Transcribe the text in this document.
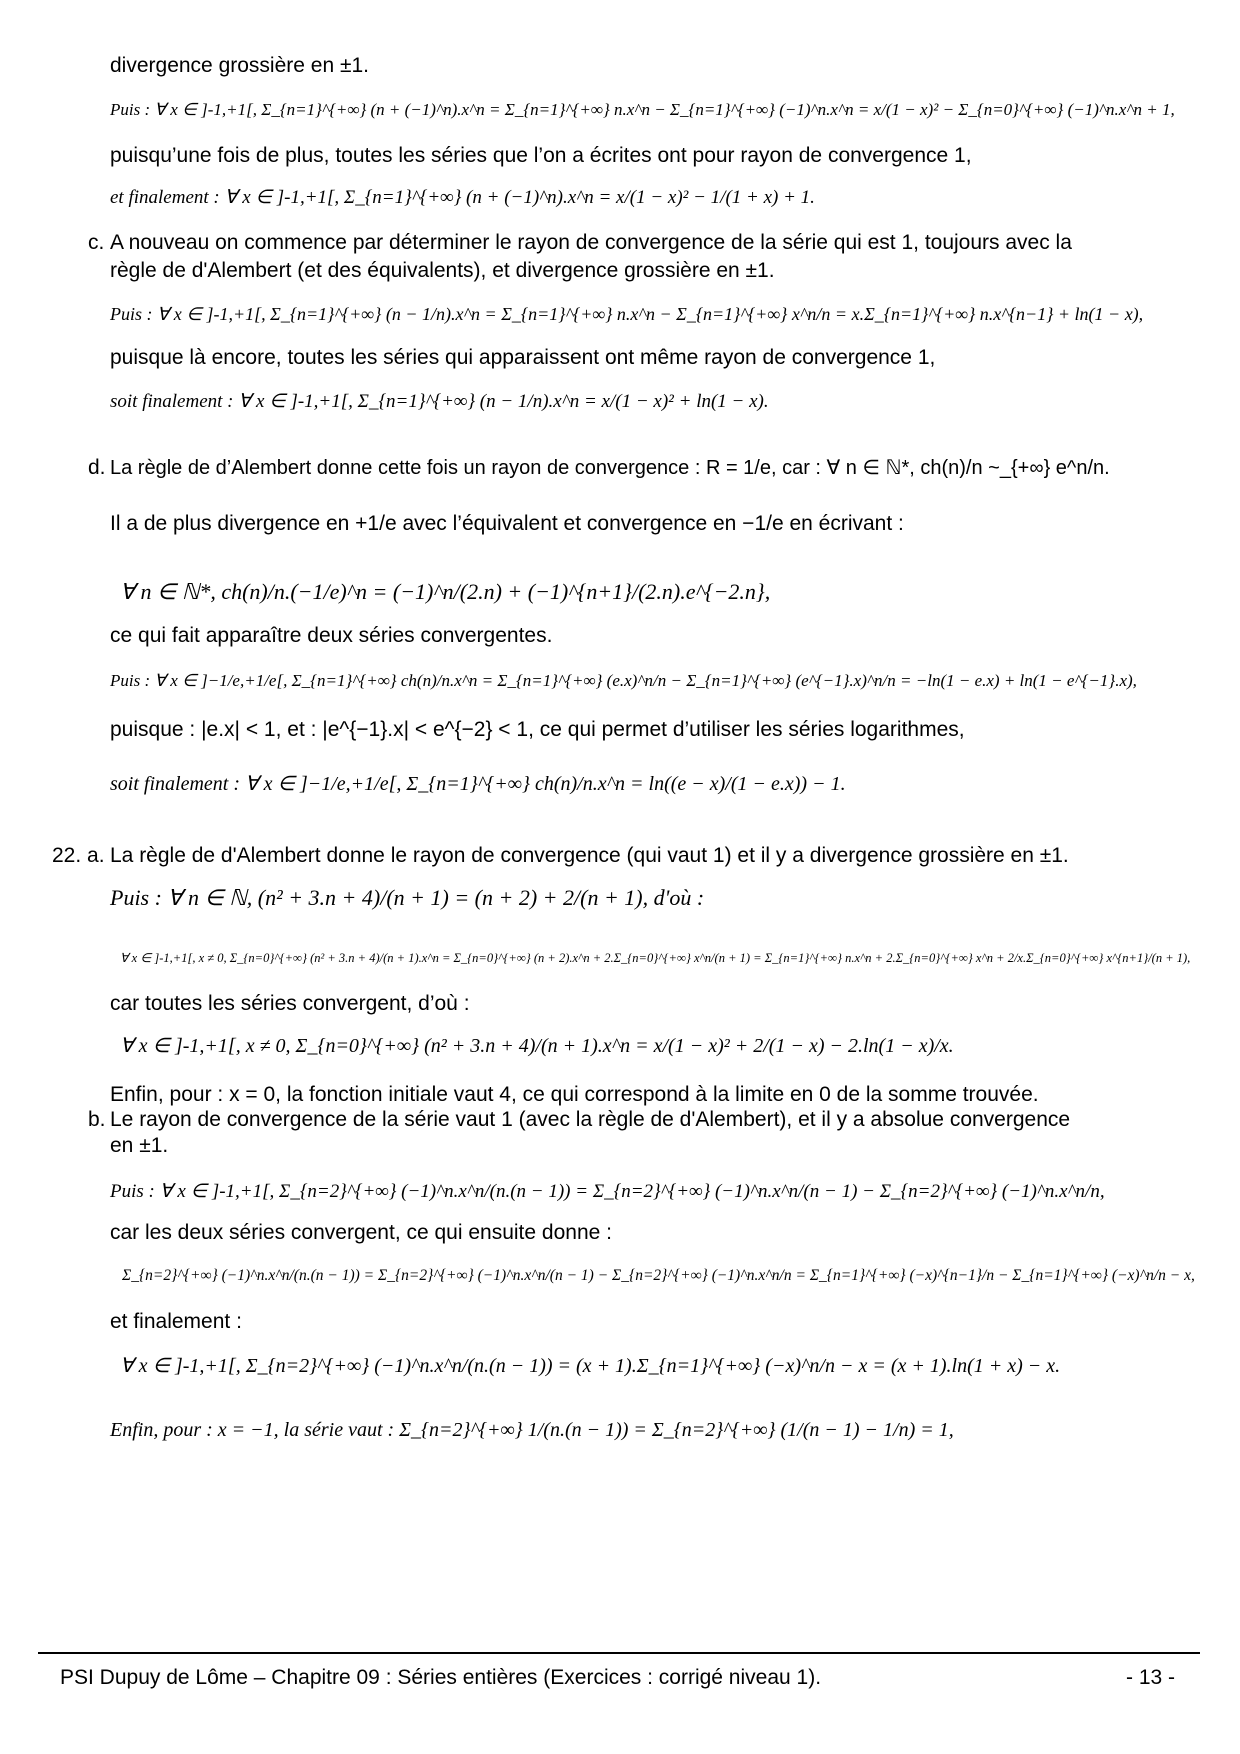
divergence grossière en ±1.
Puis : ∀ x ∈ ]-1,+1[, Σ_{n=1}^{+∞} (n + (−1)^n).x^n = Σ_{n=1}^{+∞} n.x^n − Σ_{n=1}^{+∞} (−1)^n.x^n = x/(1 − x)² − Σ_{n=0}^{+∞} (−1)^n.x^n + 1,
puisqu’une fois de plus, toutes les séries que l’on a écrites ont pour rayon de convergence 1,
et finalement : ∀ x ∈ ]-1,+1[, Σ_{n=1}^{+∞} (n + (−1)^n).x^n = x/(1 − x)² − 1/(1 + x) + 1.
c. A nouveau on commence par déterminer le rayon de convergence de la série qui est 1, toujours avec la
règle de d'Alembert (et des équivalents), et divergence grossière en ±1.
Puis : ∀ x ∈ ]-1,+1[, Σ_{n=1}^{+∞} (n − 1/n).x^n = Σ_{n=1}^{+∞} n.x^n − Σ_{n=1}^{+∞} x^n/n = x.Σ_{n=1}^{+∞} n.x^{n−1} + ln(1 − x),
puisque là encore, toutes les séries qui apparaissent ont même rayon de convergence 1,
soit finalement : ∀ x ∈ ]-1,+1[, Σ_{n=1}^{+∞} (n − 1/n).x^n = x/(1 − x)² + ln(1 − x).
d. La règle de d’Alembert donne cette fois un rayon de convergence : R = 1/e, car : ∀ n ∈ ℕ*, ch(n)/n ~_{+∞} e^n/n.
Il a de plus divergence en +1/e avec l’équivalent et convergence en −1/e en écrivant :
∀ n ∈ ℕ*, ch(n)/n.(−1/e)^n = (−1)^n/(2.n) + (−1)^{n+1}/(2.n).e^{−2.n},
ce qui fait apparaître deux séries convergentes.
Puis : ∀ x ∈ ]−1/e,+1/e[, Σ_{n=1}^{+∞} ch(n)/n.x^n = Σ_{n=1}^{+∞} (e.x)^n/n − Σ_{n=1}^{+∞} (e^{−1}.x)^n/n = −ln(1 − e.x) + ln(1 − e^{−1}.x),
puisque : |e.x| < 1, et : |e^{−1}.x| < e^{−2} < 1, ce qui permet d’utiliser les séries logarithmes,
soit finalement : ∀ x ∈ ]−1/e,+1/e[, Σ_{n=1}^{+∞} ch(n)/n.x^n = ln((e − x)/(1 − e.x)) − 1.
22. a. La règle de d'Alembert donne le rayon de convergence (qui vaut 1) et il y a divergence grossière en ±1.
Puis : ∀ n ∈ ℕ, (n² + 3.n + 4)/(n + 1) = (n + 2) + 2/(n + 1), d'où :
∀ x ∈ ]-1,+1[, x ≠ 0, Σ_{n=0}^{+∞} (n² + 3.n + 4)/(n + 1).x^n = Σ_{n=0}^{+∞} (n + 2).x^n + 2.Σ_{n=0}^{+∞} x^n/(n + 1) = Σ_{n=1}^{+∞} n.x^n + 2.Σ_{n=0}^{+∞} x^n + 2/x.Σ_{n=0}^{+∞} x^{n+1}/(n + 1),
car toutes les séries convergent, d’où :
∀ x ∈ ]-1,+1[, x ≠ 0, Σ_{n=0}^{+∞} (n² + 3.n + 4)/(n + 1).x^n = x/(1 − x)² + 2/(1 − x) − 2.ln(1 − x)/x.
Enfin, pour : x = 0, la fonction initiale vaut 4, ce qui correspond à la limite en 0 de la somme trouvée.
b. Le rayon de convergence de la série vaut 1 (avec la règle de d'Alembert), et il y a absolue convergence
en ±1.
Puis : ∀ x ∈ ]-1,+1[, Σ_{n=2}^{+∞} (−1)^n.x^n/(n.(n − 1)) = Σ_{n=2}^{+∞} (−1)^n.x^n/(n − 1) − Σ_{n=2}^{+∞} (−1)^n.x^n/n,
car les deux séries convergent, ce qui ensuite donne :
Σ_{n=2}^{+∞} (−1)^n.x^n/(n.(n − 1)) = Σ_{n=2}^{+∞} (−1)^n.x^n/(n − 1) − Σ_{n=2}^{+∞} (−1)^n.x^n/n = Σ_{n=1}^{+∞} (−x)^{n−1}/n − Σ_{n=1}^{+∞} (−x)^n/n − x,
et finalement :
∀ x ∈ ]-1,+1[, Σ_{n=2}^{+∞} (−1)^n.x^n/(n.(n − 1)) = (x + 1).Σ_{n=1}^{+∞} (−x)^n/n − x = (x + 1).ln(1 + x) − x.
Enfin, pour : x = −1, la série vaut : Σ_{n=2}^{+∞} 1/(n.(n − 1)) = Σ_{n=2}^{+∞} (1/(n − 1) − 1/n) = 1,
PSI Dupuy de Lôme – Chapitre 09 : Séries entières (Exercices : corrigé niveau 1).	- 13 -
